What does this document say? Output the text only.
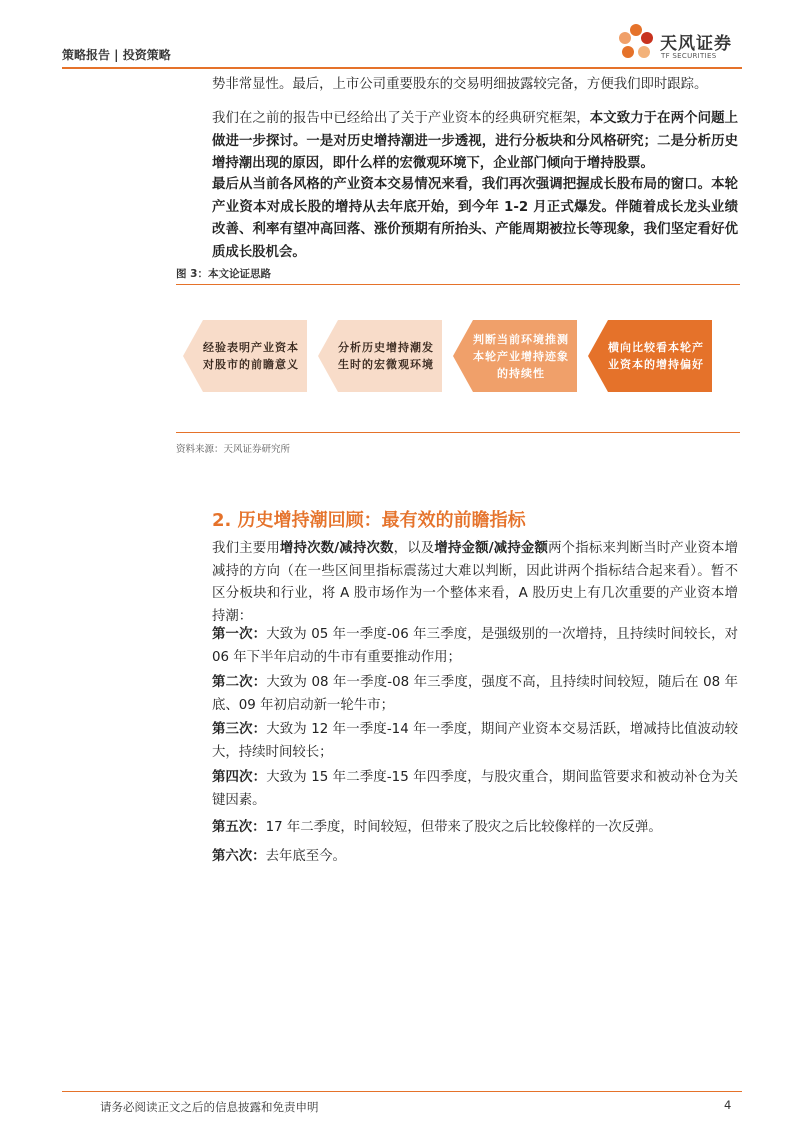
策略报告 | 投资策略
天风证券
TF SECURITIES
势非常显性。最后，上市公司重要股东的交易明细披露较完备，方便我们即时跟踪。
我们在之前的报告中已经给出了关于产业资本的经典研究框架，本文致力于在两个问题上做进一步探讨。一是对历史增持潮进一步透视，进行分板块和分风格研究；二是分析历史增持潮出现的原因，即什么样的宏微观环境下，企业部门倾向于增持股票。
最后从当前各风格的产业资本交易情况来看，我们再次强调把握成长股布局的窗口。本轮产业资本对成长股的增持从去年底开始，到今年 1-2 月正式爆发。伴随着成长龙头业绩改善、利率有望冲高回落、涨价预期有所抬头、产能周期被拉长等现象，我们坚定看好优质成长股机会。
图 3：本文论证思路
经验表明产业资本对股市的前瞻意义
分析历史增持潮发生时的宏微观环境
判断当前环境推测本轮产业增持迹象的持续性
横向比较看本轮产业资本的增持偏好
资料来源：天风证券研究所
2. 历史增持潮回顾：最有效的前瞻指标
我们主要用增持次数/减持次数，以及增持金额/减持金额两个指标来判断当时产业资本增减持的方向（在一些区间里指标震荡过大难以判断，因此讲两个指标结合起来看）。暂不区分板块和行业，将 A 股市场作为一个整体来看，A 股历史上有几次重要的产业资本增持潮：
第一次：大致为 05 年一季度-06 年三季度，是强级别的一次增持，且持续时间较长，对 06 年下半年启动的牛市有重要推动作用；
第二次：大致为 08 年一季度-08 年三季度，强度不高，且持续时间较短，随后在 08 年底、09 年初启动新一轮牛市；
第三次：大致为 12 年一季度-14 年一季度，期间产业资本交易活跃，增减持比值波动较大，持续时间较长；
第四次：大致为 15 年二季度-15 年四季度，与股灾重合，期间监管要求和被动补仓为关键因素。
第五次：17 年二季度，时间较短，但带来了股灾之后比较像样的一次反弹。
第六次：去年底至今。
请务必阅读正文之后的信息披露和免责申明	4
